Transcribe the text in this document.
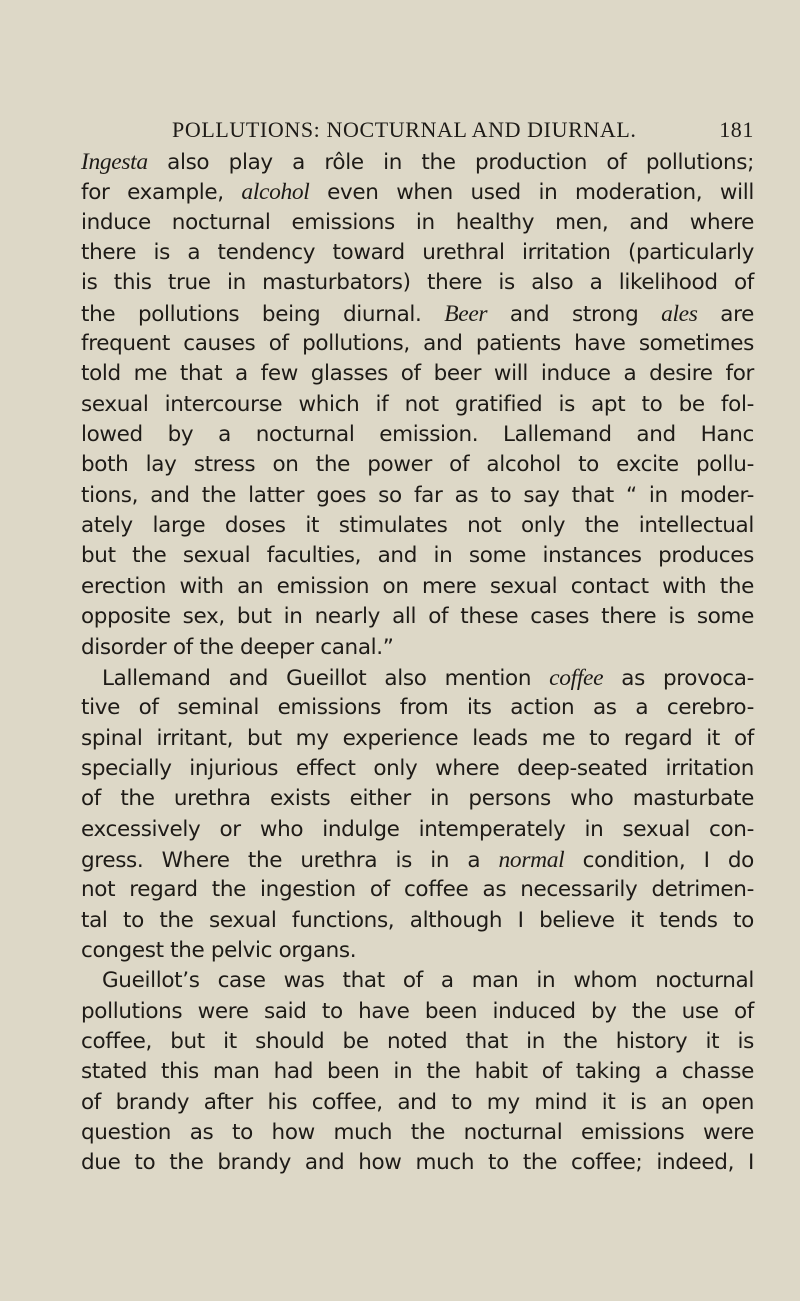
POLLUTIONS: NOCTURNAL AND DIURNAL.	181
Ingesta also play a rôle in the production of pollutions;
for example, alcohol even when used in moderation, will
induce nocturnal emissions in healthy men, and where
there is a tendency toward urethral irritation (particularly
is this true in masturbators) there is also a likelihood of
the pollutions being diurnal. Beer and strong ales are
frequent causes of pollutions, and patients have sometimes
told me that a few glasses of beer will induce a desire for
sexual intercourse which if not gratified is apt to be fol-
lowed by a nocturnal emission. Lallemand and Hanc
both lay stress on the power of alcohol to excite pollu-
tions, and the latter goes so far as to say that “ in moder-
ately large doses it stimulates not only the intellectual
but the sexual faculties, and in some instances produces
erection with an emission on mere sexual contact with the
opposite sex, but in nearly all of these cases there is some
disorder of the deeper canal.”
Lallemand and Gueillot also mention coffee as provoca-
tive of seminal emissions from its action as a cerebro-
spinal irritant, but my experience leads me to regard it of
specially injurious effect only where deep-seated irritation
of the urethra exists either in persons who masturbate
excessively or who indulge intemperately in sexual con-
gress. Where the urethra is in a normal condition, I do
not regard the ingestion of coffee as necessarily detrimen-
tal to the sexual functions, although I believe it tends to
congest the pelvic organs.
Gueillot’s case was that of a man in whom nocturnal
pollutions were said to have been induced by the use of
coffee, but it should be noted that in the history it is
stated this man had been in the habit of taking a chasse
of brandy after his coffee, and to my mind it is an open
question as to how much the nocturnal emissions were
due to the brandy and how much to the coffee; indeed, I
